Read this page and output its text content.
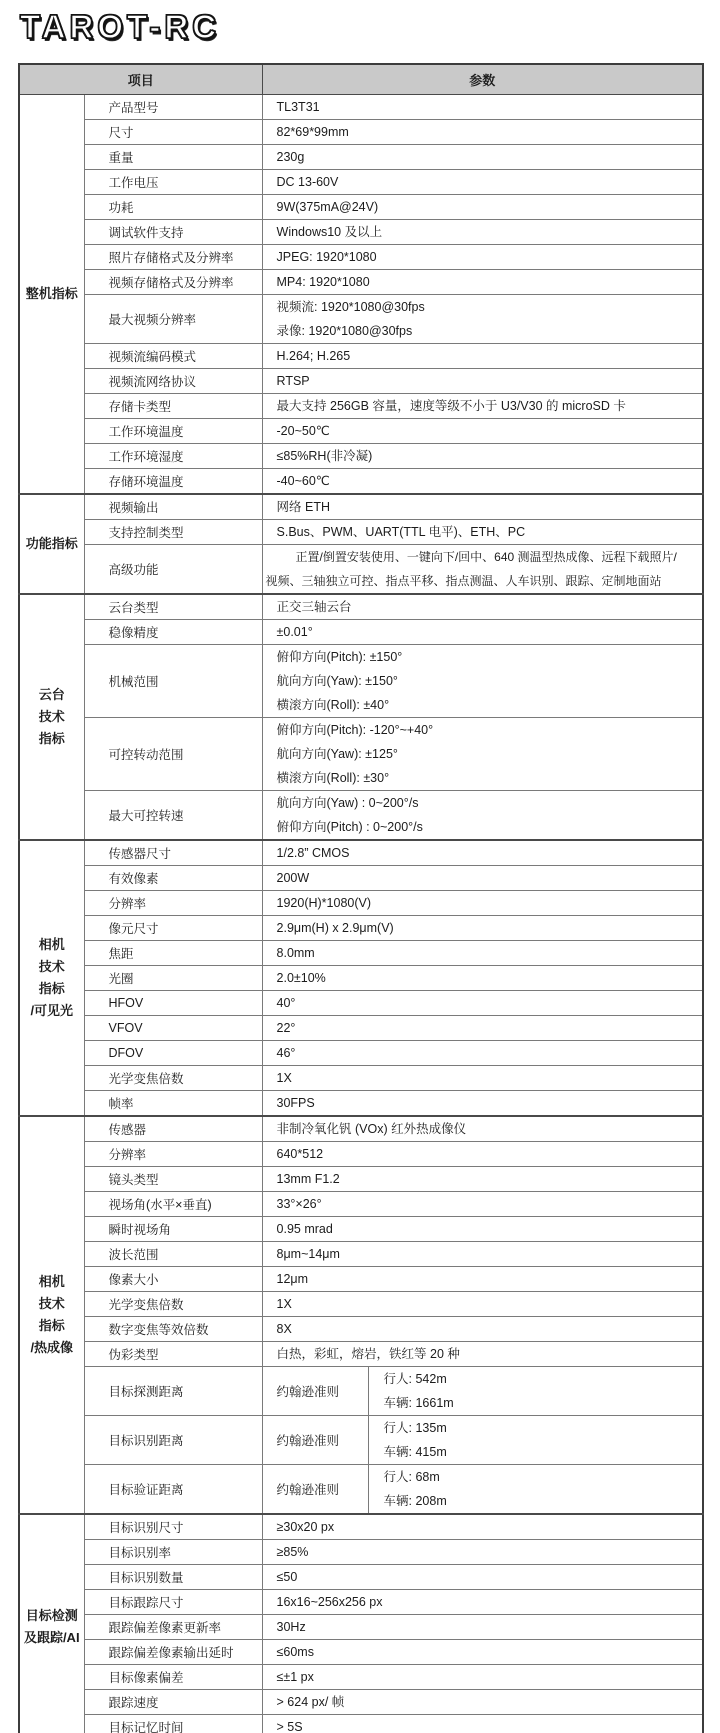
TAROT-RC
项目		参数

整机指标	产品型号	TL3T31

	尺寸	82*69*99mm

	重量	230g

	工作电压	DC 13-60V

	功耗	9W(375mA@24V)

	调试软件支持	Windows10 及以上

	照片存储格式及分辨率	JPEG: 1920*1080

	视频存储格式及分辨率	MP4: 1920*1080

	最大视频分辨率	视频流: 1920*1080@30fps
录像: 1920*1080@30fps

	视频流编码模式	H.264; H.265

	视频流网络协议	RTSP

	存储卡类型	最大支持 256GB 容量，速度等级不小于 U3/V30 的 microSD 卡

	工作环境温度	-20~50℃

	工作环境湿度	≤85%RH(非冷凝)

	存储环境温度	-40~60℃

功能指标	视频输出	网络 ETH

	支持控制类型	S.Bus、PWM、UART(TTL 电平)、ETH、PC

	高级功能	正置/倒置安装使用、一键向下/回中、640 测温型热成像、远程下载照片/
视频、三轴独立可控、指点平移、指点测温、人车识别、跟踪、定制地面站

云台
技术
指标	云台类型	正交三轴云台

	稳像精度	±0.01°

	机械范围	俯仰方向(Pitch): ±150°
航向方向(Yaw): ±150°
横滚方向(Roll): ±40°

	可控转动范围	俯仰方向(Pitch): -120°~+40°
航向方向(Yaw): ±125°
横滚方向(Roll): ±30°

	最大可控转速	航向方向(Yaw) : 0~200°/s
俯仰方向(Pitch) : 0~200°/s

相机
技术
指标
/可见光	传感器尺寸	1/2.8” CMOS

	有效像素	200W

	分辨率	1920(H)*1080(V)

	像元尺寸	2.9μm(H) x 2.9μm(V)

	焦距	8.0mm

	光圈	2.0±10%

	HFOV	40°

	VFOV	22°

	DFOV	46°

	光学变焦倍数	1X

	帧率	30FPS

相机
技术
指标
/热成像	传感器	非制冷氧化钒 (VOx) 红外热成像仪

	分辨率	640*512

	镜头类型	13mm F1.2

	视场角(水平×垂直)	33°×26°

	瞬时视场角	0.95 mrad

	波长范围	8μm~14μm

	像素大小	12μm

	光学变焦倍数	1X

	数字变焦等效倍数	8X

	伪彩类型	白热，彩虹，熔岩，铁红等 20 种

	目标探测距离	约翰逊准则
行人: 542m
车辆: 1661m

	目标识别距离	约翰逊准则
行人: 135m
车辆: 415m

	目标验证距离	约翰逊准则
行人: 68m
车辆: 208m

目标检测
及跟踪/AI	目标识别尺寸	≥30x20 px

	目标识别率	≥85%

	目标识别数量	≤50

	目标跟踪尺寸	16x16~256x256 px

	跟踪偏差像素更新率	30Hz

	跟踪偏差像素输出延时	≤60ms

	目标像素偏差	≤±1 px

	跟踪速度	> 624 px/ 帧

	目标记忆时间	> 5S
